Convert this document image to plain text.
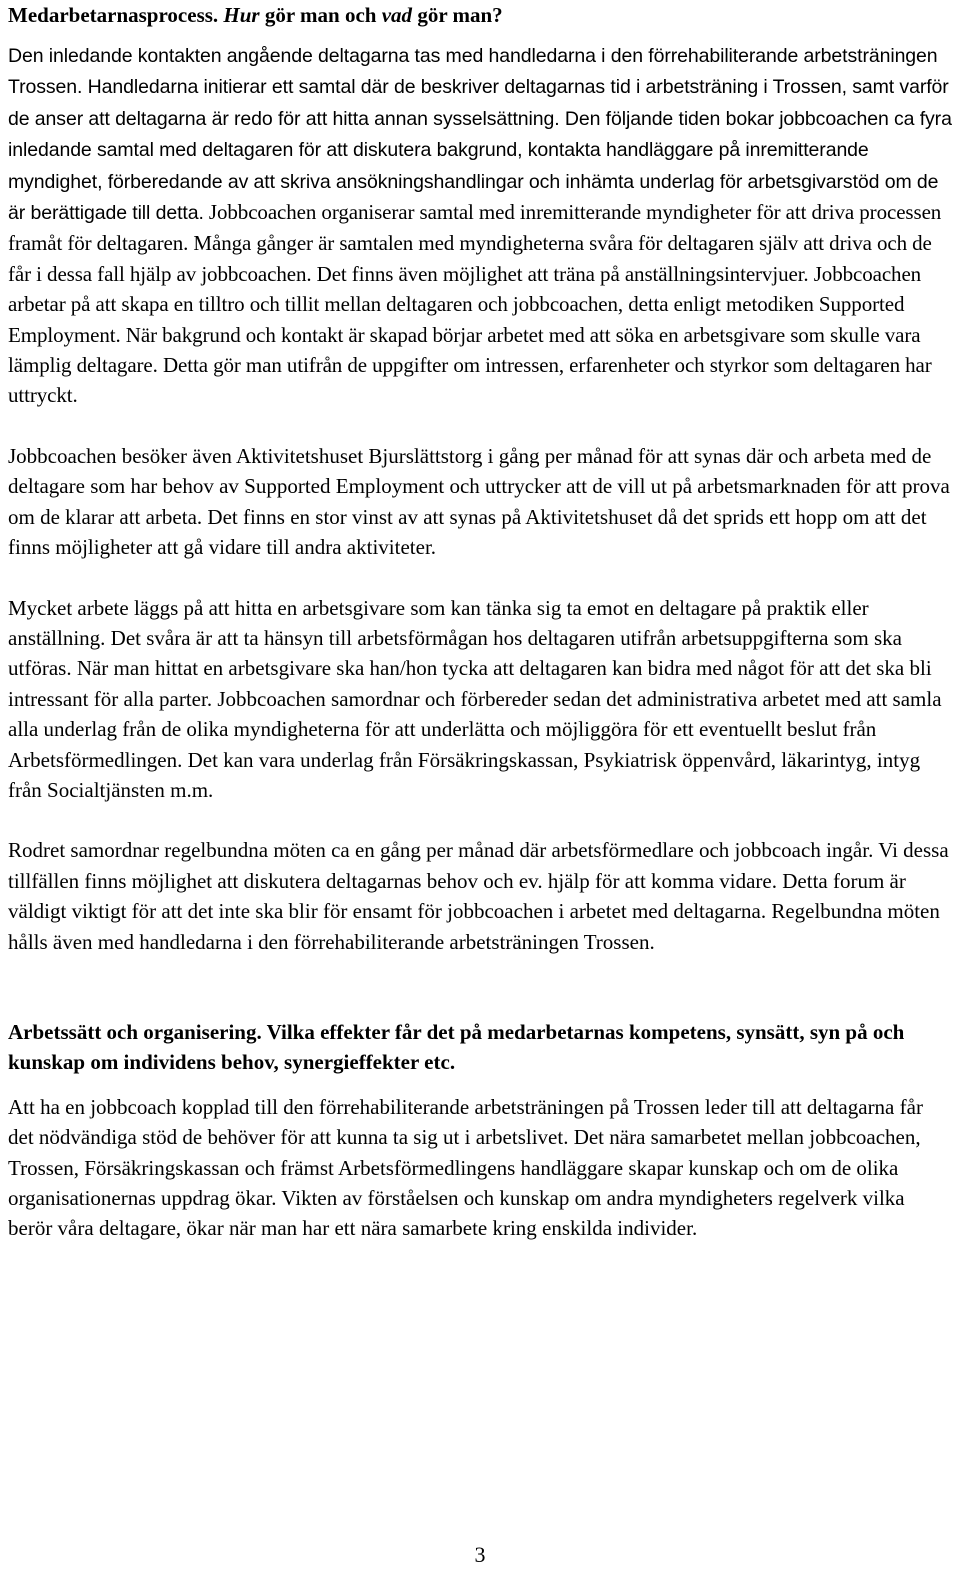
Medarbetarnasprocess. Hur gör man och vad gör man?

Den inledande kontakten angående deltagarna tas med handledarna i den förrehabiliterande arbetsträningen Trossen. Handledarna initierar ett samtal där de beskriver deltagarnas tid i arbetsträning i Trossen, samt varför de anser att deltagarna är redo för att hitta annan sysselsättning. Den följande tiden bokar jobbcoachen ca fyra inledande samtal med deltagaren för att diskutera bakgrund, kontakta handläggare på inremitterande myndighet, förberedande av att skriva ansökningshandlingar och inhämta underlag för arbetsgivarstöd om de är berättigade till detta. Jobbcoachen organiserar samtal med inremitterande myndigheter för att driva processen framåt för deltagaren. Många gånger är samtalen med myndigheterna svåra för deltagaren själv att driva och de får i dessa fall hjälp av jobbcoachen. Det finns även möjlighet att träna på anställningsintervjuer. Jobbcoachen arbetar på att skapa en tilltro och tillit mellan deltagaren och jobbcoachen, detta enligt metodiken Supported Employment. När bakgrund och kontakt är skapad börjar arbetet med att söka en arbetsgivare som skulle vara lämplig deltagare. Detta gör man utifrån de uppgifter om intressen, erfarenheter och styrkor som deltagaren har uttryckt.

Jobbcoachen besöker även Aktivitetshuset Bjurslättstorg i gång per månad för att synas där och arbeta med de deltagare som har behov av Supported Employment och uttrycker att de vill ut på arbetsmarknaden för att prova om de klarar att arbeta. Det finns en stor vinst av att synas på Aktivitetshuset då det sprids ett hopp om att det finns möjligheter att gå vidare till andra aktiviteter.

Mycket arbete läggs på att hitta en arbetsgivare som kan tänka sig ta emot en deltagare på praktik eller anställning. Det svåra är att ta hänsyn till arbetsförmågan hos deltagaren utifrån arbetsuppgifterna som ska utföras. När man hittat en arbetsgivare ska han/hon tycka att deltagaren kan bidra med något för att det ska bli intressant för alla parter. Jobbcoachen samordnar och förbereder sedan det administrativa arbetet med att samla alla underlag från de olika myndigheterna för att underlätta och möjliggöra för ett eventuellt beslut från Arbetsförmedlingen. Det kan vara underlag från Försäkringskassan, Psykiatrisk öppenvård, läkarintyg, intyg från Socialtjänsten m.m.

Rodret samordnar regelbundna möten ca en gång per månad där arbetsförmedlare och jobbcoach ingår. Vi dessa tillfällen finns möjlighet att diskutera deltagarnas behov och ev. hjälp för att komma vidare. Detta forum är väldigt viktigt för att det inte ska blir för ensamt för jobbcoachen i arbetet med deltagarna. Regelbundna möten hålls även med handledarna i den förrehabiliterande arbetsträningen Trossen.

Arbetssätt och organisering. Vilka effekter får det på medarbetarnas kompetens, synsätt, syn på och kunskap om individens behov, synergieffekter etc.

Att ha en jobbcoach kopplad till den förrehabiliterande arbetsträningen på Trossen leder till att deltagarna får det nödvändiga stöd de behöver för att kunna ta sig ut i arbetslivet. Det nära samarbetet mellan jobbcoachen, Trossen, Försäkringskassan och främst Arbetsförmedlingens handläggare skapar kunskap och om de olika organisationernas uppdrag ökar. Vikten av förståelsen och kunskap om andra myndigheters regelverk vilka berör våra deltagare, ökar när man har ett nära samarbete kring enskilda individer.

3
